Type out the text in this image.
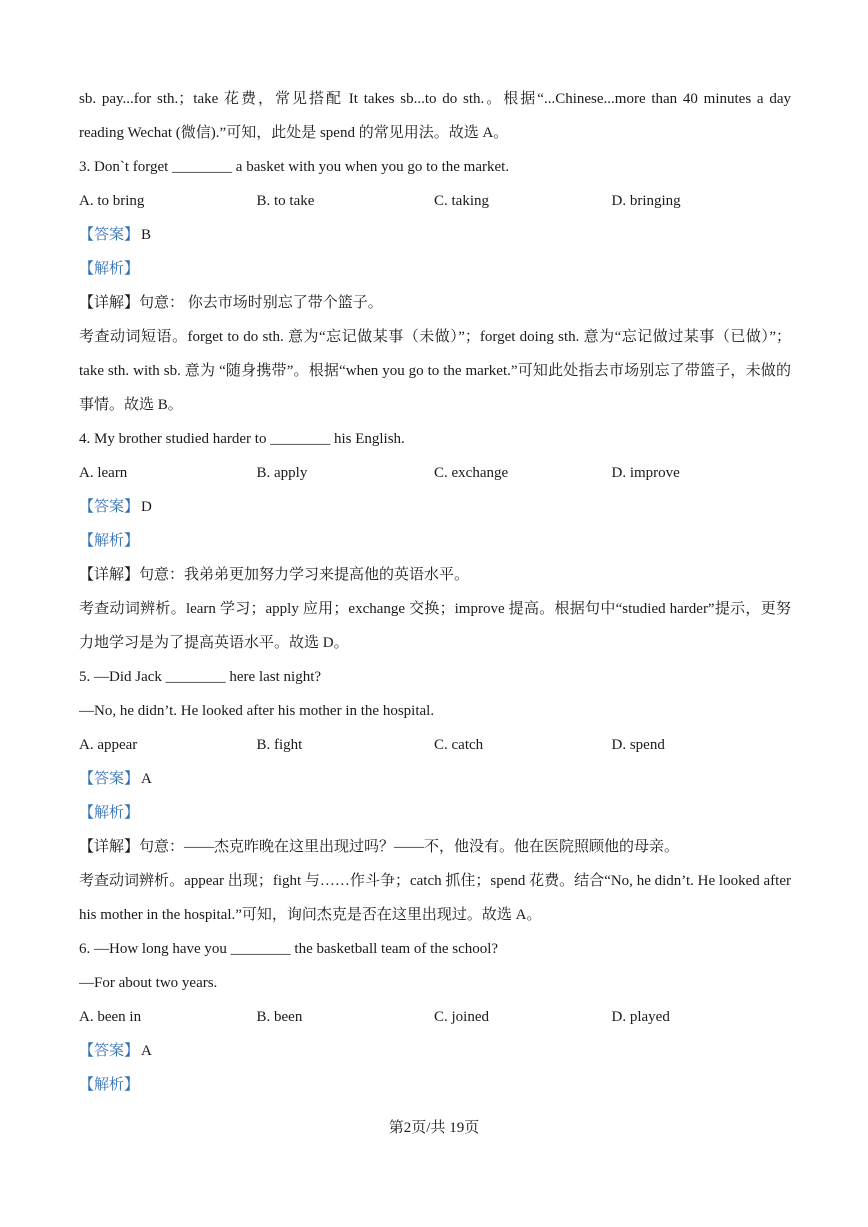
sb. pay...for sth.；take 花费，常见搭配 It takes sb...to do sth.。根据“...Chinese...more than 40 minutes a day reading Wechat (微信).”可知，此处是 spend 的常见用法。故选 A。
3. Don`t forget ________ a basket with you when you go to the market.
A. to bring	B. to take	C. taking	D. bringing
【答案】 B
【解析】
【详解】句意： 你去市场时别忘了带个篮子。
考查动词短语。forget to do sth. 意为“忘记做某事（未做）”；forget doing sth. 意为“忘记做过某事（已做）”；take sth. with sb. 意为 “随身携带”。根据“when you go to the market.”可知此处指去市场别忘了带篮子，未做的事情。故选 B。
4. My brother studied harder to ________ his English.
A. learn	B. apply	C. exchange	D. improve
【答案】 D
【解析】
【详解】句意：我弟弟更加努力学习来提高他的英语水平。
考查动词辨析。learn 学习；apply 应用；exchange 交换；improve 提高。根据句中“studied harder”提示，更努力地学习是为了提高英语水平。故选 D。
5. —Did Jack ________ here last night?
—No, he didn’t. He looked after his mother in the hospital.
A. appear	B. fight	C. catch	D. spend
【答案】 A
【解析】
【详解】句意：——杰克昨晚在这里出现过吗？——不，他没有。他在医院照顾他的母亲。
考查动词辨析。appear 出现；fight 与……作斗争；catch 抓住；spend 花费。结合“No, he didn’t. He looked after his mother in the hospital.”可知，询问杰克是否在这里出现过。故选 A。
6. —How long have you ________ the basketball team of the school?
—For about two years.
A. been in	B. been	C. joined	D. played
【答案】 A
【解析】
第2页/共 19页
